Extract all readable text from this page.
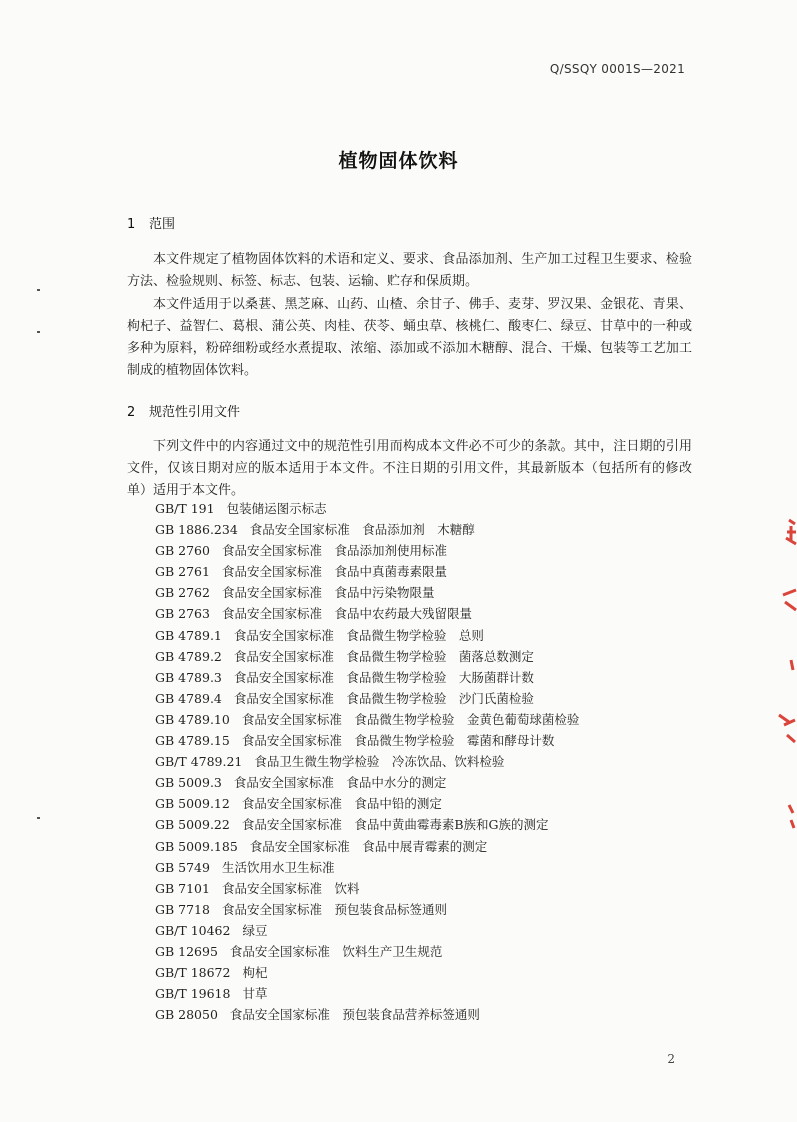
Q/SSQY 0001S—2021
植物固体饮料
1 范围

本文件规定了植物固体饮料的术语和定义、要求、食品添加剂、生产加工过程卫生要求、检验方法、检验规则、标签、标志、包装、运输、贮存和保质期。

本文件适用于以桑葚、黑芝麻、山药、山楂、余甘子、佛手、麦芽、罗汉果、金银花、青果、枸杞子、益智仁、葛根、蒲公英、肉桂、茯苓、蛹虫草、核桃仁、酸枣仁、绿豆、甘草中的一种或多种为原料，粉碎细粉或经水煮提取、浓缩、添加或不添加木糖醇、混合、干燥、包装等工艺加工制成的植物固体饮料。

2 规范性引用文件

下列文件中的内容通过文中的规范性引用而构成本文件必不可少的条款。其中，注日期的引用文件，仅该日期对应的版本适用于本文件。不注日期的引用文件，其最新版本（包括所有的修改单）适用于本文件。

GB/T 191 包装储运图示标志
GB 1886.234 食品安全国家标准　食品添加剂　木糖醇
GB 2760 食品安全国家标准　食品添加剂使用标准
GB 2761 食品安全国家标准　食品中真菌毒素限量
GB 2762 食品安全国家标准　食品中污染物限量
GB 2763 食品安全国家标准　食品中农药最大残留限量
GB 4789.1 食品安全国家标准　食品微生物学检验　总则
GB 4789.2 食品安全国家标准　食品微生物学检验　菌落总数测定
GB 4789.3 食品安全国家标准　食品微生物学检验　大肠菌群计数
GB 4789.4 食品安全国家标准　食品微生物学检验　沙门氏菌检验
GB 4789.10 食品安全国家标准　食品微生物学检验　金黄色葡萄球菌检验
GB 4789.15 食品安全国家标准　食品微生物学检验　霉菌和酵母计数
GB/T 4789.21 食品卫生微生物学检验　冷冻饮品、饮料检验
GB 5009.3 食品安全国家标准　食品中水分的测定
GB 5009.12 食品安全国家标准　食品中铅的测定
GB 5009.22 食品安全国家标准　食品中黄曲霉毒素B族和G族的测定
GB 5009.185 食品安全国家标准　食品中展青霉素的测定
GB 5749 生活饮用水卫生标准
GB 7101 食品安全国家标准　饮料
GB 7718 食品安全国家标准　预包装食品标签通则
GB/T 10462 绿豆
GB 12695 食品安全国家标准　饮料生产卫生规范
GB/T 18672 枸杞
GB/T 19618 甘草
GB 28050 食品安全国家标准　预包装食品营养标签通则
2
